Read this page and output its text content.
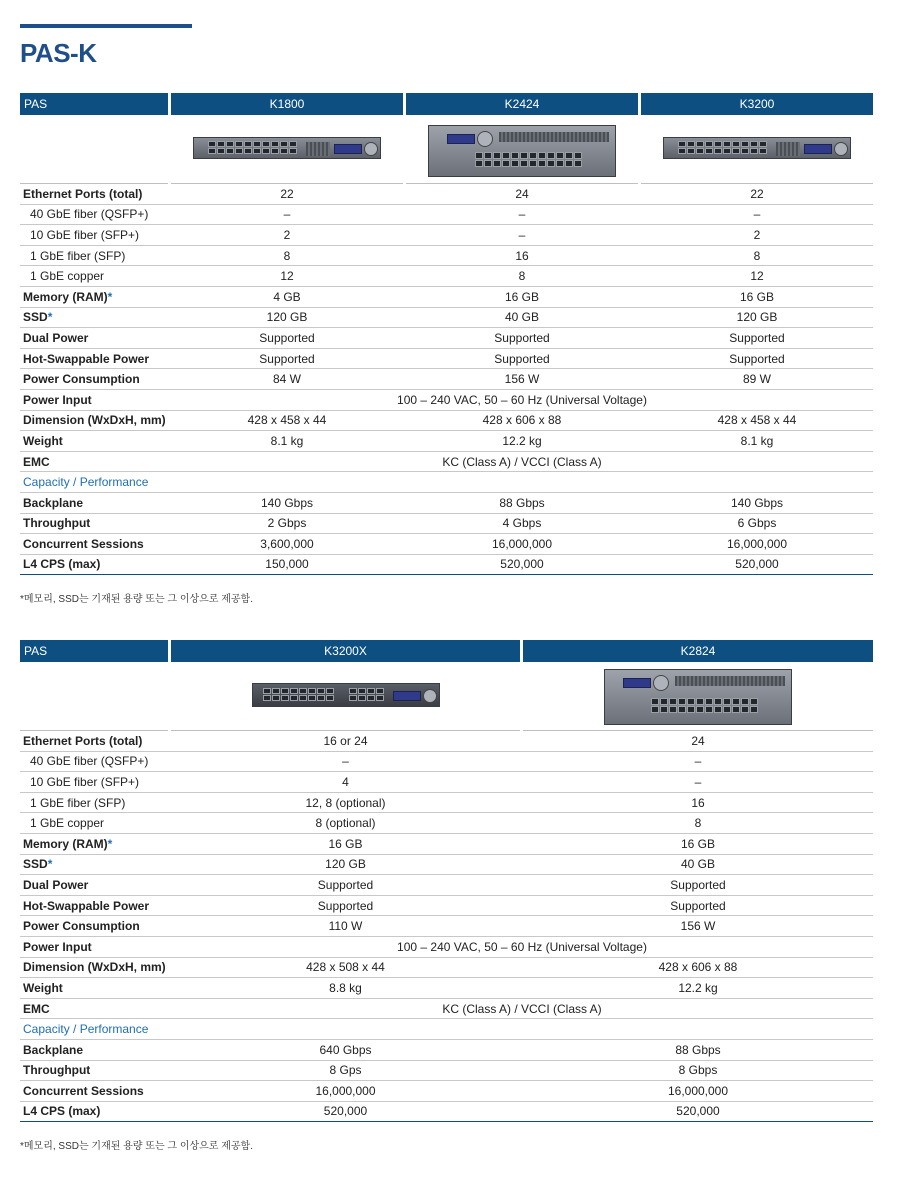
PAS-K
PAS		K1800		K2424		K3200

Ethernet Ports (total)		22		24		22
40 GbE fiber (QSFP+)		–		–		–
10 GbE fiber (SFP+)		2		–		2
1 GbE fiber (SFP)		8		16		8
1 GbE copper		12		8		12
Memory (RAM)*		4 GB		16 GB		16 GB
SSD*		120 GB		40 GB		120 GB
Dual Power		Supported		Supported		Supported
Hot-Swappable Power		Supported		Supported		Supported
Power Consumption		84 W		156 W		89 W
Power Input		100 – 240 VAC, 50 – 60 Hz (Universal Voltage)				
Dimension (WxDxH, mm)		428 x 458 x 44		428 x 606 x 88		428 x 458 x 44
Weight		8.1 kg		12.2 kg		8.1 kg
EMC		KC (Class A) / VCCI (Class A)				
Capacity / Performance						
Backplane		140 Gbps		88 Gbps		140 Gbps
Throughput		2 Gbps		4 Gbps		6 Gbps
Concurrent Sessions		3,600,000		16,000,000		16,000,000
L4 CPS (max)		150,000		520,000		520,000
*메모리, SSD는 기재된 용량 또는 그 이상으로 제공함.
PAS		K3200X		K2824

Ethernet Ports (total)		16 or 24		24
40 GbE fiber (QSFP+)		–		–
10 GbE fiber (SFP+)		4		–
1 GbE fiber (SFP)		12, 8 (optional)		16
1 GbE copper		8 (optional)		8
Memory (RAM)*		16 GB		16 GB
SSD*		120 GB		40 GB
Dual Power		Supported		Supported
Hot-Swappable Power		Supported		Supported
Power Consumption		110 W		156 W
Power Input		100 – 240 VAC, 50 – 60 Hz (Universal Voltage)		
Dimension (WxDxH, mm)		428 x 508 x 44		428 x 606 x 88
Weight		8.8 kg		12.2 kg
EMC		KC (Class A) / VCCI (Class A)		
Capacity / Performance				
Backplane		640 Gbps		88 Gbps
Throughput		8 Gps		8 Gbps
Concurrent Sessions		16,000,000		16,000,000
L4 CPS (max)		520,000		520,000
*메모리, SSD는 기재된 용량 또는 그 이상으로 제공함.
